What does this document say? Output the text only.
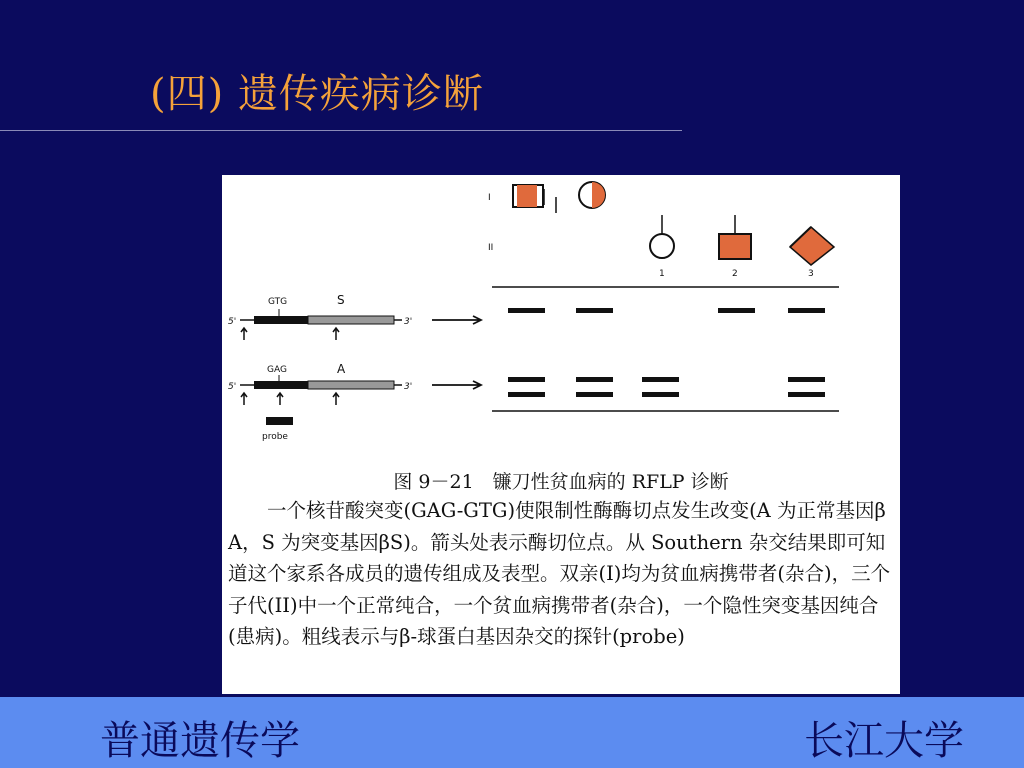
(四) 遗传疾病诊断
I
II
1	2	3
5'	3'
GTG	S
5'	3'
GAG	A
probe
图 9－21　镰刀性贫血病的 RFLP 诊断
一个核苷酸突变(GAG-GTG)使限制性酶酶切点发生改变(A 为正常基因βA，S 为突变基因βS)。箭头处表示酶切位点。从 Southern 杂交结果即可知道这个家系各成员的遗传组成及表型。双亲(I)均为贫血病携带者(杂合)，三个子代(II)中一个正常纯合，一个贫血病携带者(杂合)，一个隐性突变基因纯合(患病)。粗线表示与β-球蛋白基因杂交的探针(probe)
普通遗传学	长江大学
